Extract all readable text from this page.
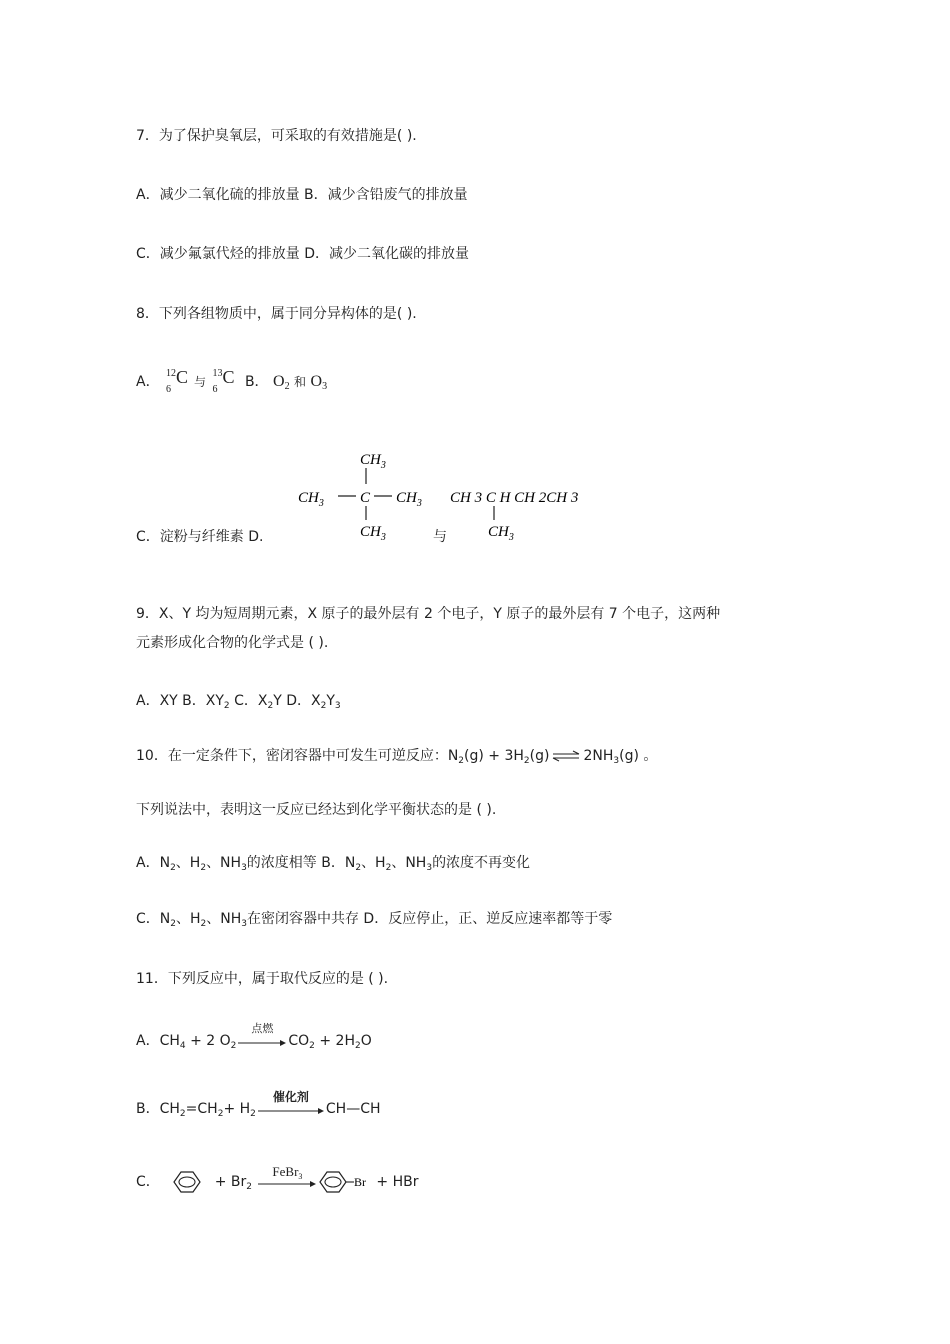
7．为了保护臭氧层，可采取的有效措施是( ).
A．减少二氧化硫的排放量 B．减少含铅废气的排放量
C．减少氟氯代烃的排放量 D．减少二氧化碳的排放量
8．下列各组物质中，属于同分异构体的是( ).
A．
12
6
C 与
13
6
C B． $O_2$ 和 $O_3$
C．淀粉与纤维素 D.
$CH_3$
$CH_3$ C $CH_3$
$CH_3$	与
CH 3 C H CH 2CH 3
$CH_3$
9．X、Y 均为短周期元素，X 原子的最外层有 2 个电子，Y 原子的最外层有 7 个电子，这两种
元素形成化合物的化学式是 ( ).
A．XY B．$XY_2$ C．$X_2Y$ D．$X_2Y_3$
10．在一定条件下，密闭容器中可发生可逆反应：$N_2(g) + 3H_2(g)$ ⇌ $2NH_3(g)$ 。
下列说法中，表明这一反应已经达到化学平衡状态的是 ( ).
A．$N_2$、$H_2$、$NH_3$的浓度相等 B．$N_2$、$H_2$、$NH_3$的浓度不再变化
C．$N_2$、$H_2$、$NH_3$在密闭容器中共存 D．反应停止，正、逆反应速率都等于零
11．下列反应中，属于取代反应的是 ( ).
A．$CH_4 + 2$ $O_2$
点燃
$CO_2 + 2H_2O$
B．$CH_2=CH_2+ H_2$
催化剂
CH—CH
C．	+ $Br_2$
FeBr$_3$	Br + HBr
